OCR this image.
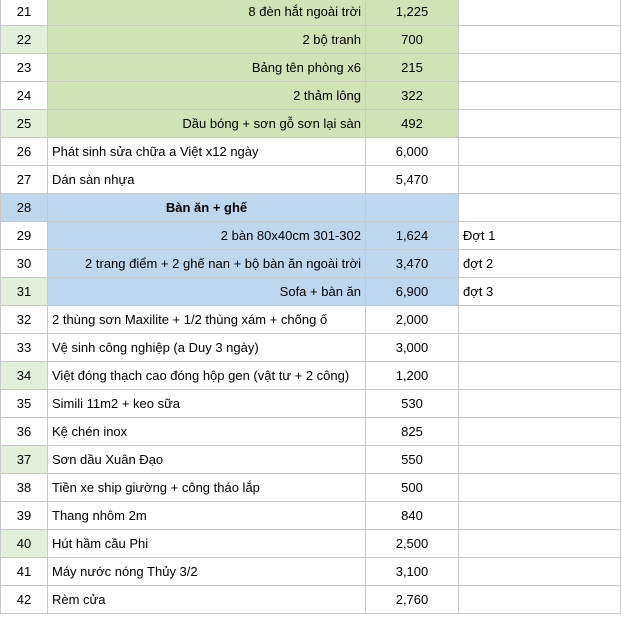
21	8 đèn hắt ngoài trời	1,225	
22	2 bộ tranh	700	
23	Bảng tên phòng x6	215	
24	2 thảm lông	322	
25	Dầu bóng + sơn gỗ sơn lại sàn	492	
26	Phát sinh sửa chữa a Việt x12 ngày	6,000	
27	Dán sàn nhựa	5,470	
28	Bàn ăn + ghế		
29	2 bàn 80x40cm 301-302	1,624	Đợt 1
30	2 trang điểm + 2 ghế nan + bộ bàn ăn ngoài trời	3,470	đợt 2
31	Sofa + bàn ăn	6,900	đợt 3
32	2 thùng sơn Maxilite + 1/2 thùng xám + chống ố	2,000	
33	Vệ sinh công nghiệp (a Duy 3 ngày)	3,000	
34	Việt đóng thạch cao đóng hộp gen (vật tư + 2 công)	1,200	
35	Simili 11m2 + keo sữa	530	
36	Kệ chén inox	825	
37	Sơn dầu Xuân Đạo	550	
38	Tiền xe ship giường + công tháo lắp	500	
39	Thang nhôm 2m	840	
40	Hút hầm cầu Phi	2,500	
41	Máy nước nóng Thủy 3/2	3,100	
42	Rèm cửa	2,760	
